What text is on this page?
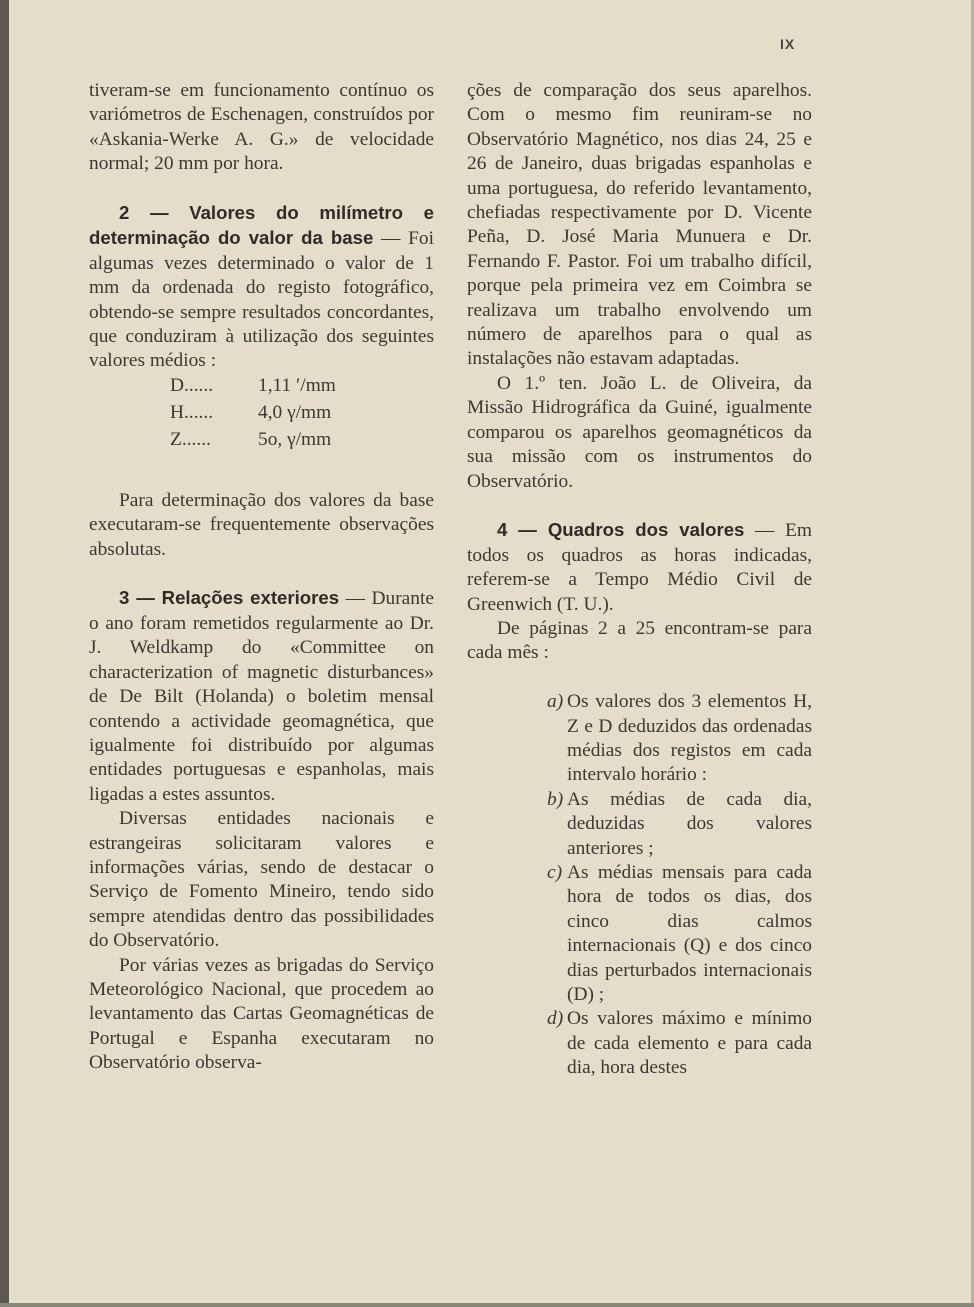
IX

tiveram-se em funcionamento contínuo os variómetros de Eschenagen, construídos por «Askania-Werke A. G.» de velocidade normal; 20 mm por hora.

2 — Valores do milímetro e determinação do valor da base — Foi algumas vezes determinado o valor de 1 mm da ordenada do registo fotográfico, obtendo-se sempre resultados concordantes, que conduziram à utilização dos seguintes valores médios :

D......	1,11 ′/mm
H......	4,0 γ/mm
Z......	5o, γ/mm

Para determinação dos valores da base executaram-se frequentemente observações absolutas.

3 — Relações exteriores — Durante o ano foram remetidos regularmente ao Dr. J. Weldkamp do «Committee on characterization of magnetic disturbances» de De Bilt (Holanda) o boletim mensal contendo a actividade geomagnética, que igualmente foi distribuído por algumas entidades portuguesas e espanholas, mais ligadas a estes assuntos.

Diversas entidades nacionais e estrangeiras solicitaram valores e informações várias, sendo de destacar o Serviço de Fomento Mineiro, tendo sido sempre atendidas dentro das possibilidades do Observatório.

Por várias vezes as brigadas do Serviço Meteorológico Nacional, que procedem ao levantamento das Cartas Geomagnéticas de Portugal e Espanha executaram no Observatório observa-

ções de comparação dos seus aparelhos. Com o mesmo fim reuniram-se no Observatório Magnético, nos dias 24, 25 e 26 de Janeiro, duas brigadas espanholas e uma portuguesa, do referido levantamento, chefiadas respectivamente por D. Vicente Peña, D. José Maria Munuera e Dr. Fernando F. Pastor. Foi um trabalho difícil, porque pela primeira vez em Coimbra se realizava um trabalho envolvendo um número de aparelhos para o qual as instalações não estavam adaptadas.

O 1.º ten. João L. de Oliveira, da Missão Hidrográfica da Guiné, igualmente comparou os aparelhos geomagnéticos da sua missão com os instrumentos do Observatório.

4 — Quadros dos valores — Em todos os quadros as horas indicadas, referem-se a Tempo Médio Civil de Greenwich (T. U.).

De páginas 2 a 25 encontram-se para cada mês :

a) Os valores dos 3 elementos H, Z e D deduzidos das ordenadas médias dos registos em cada intervalo horário :
b) As médias de cada dia, deduzidas dos valores anteriores ;
c) As médias mensais para cada hora de todos os dias, dos cinco dias calmos internacionais (Q) e dos cinco dias perturbados internacionais (D) ;
d) Os valores máximo e mínimo de cada elemento e para cada dia, hora destes
